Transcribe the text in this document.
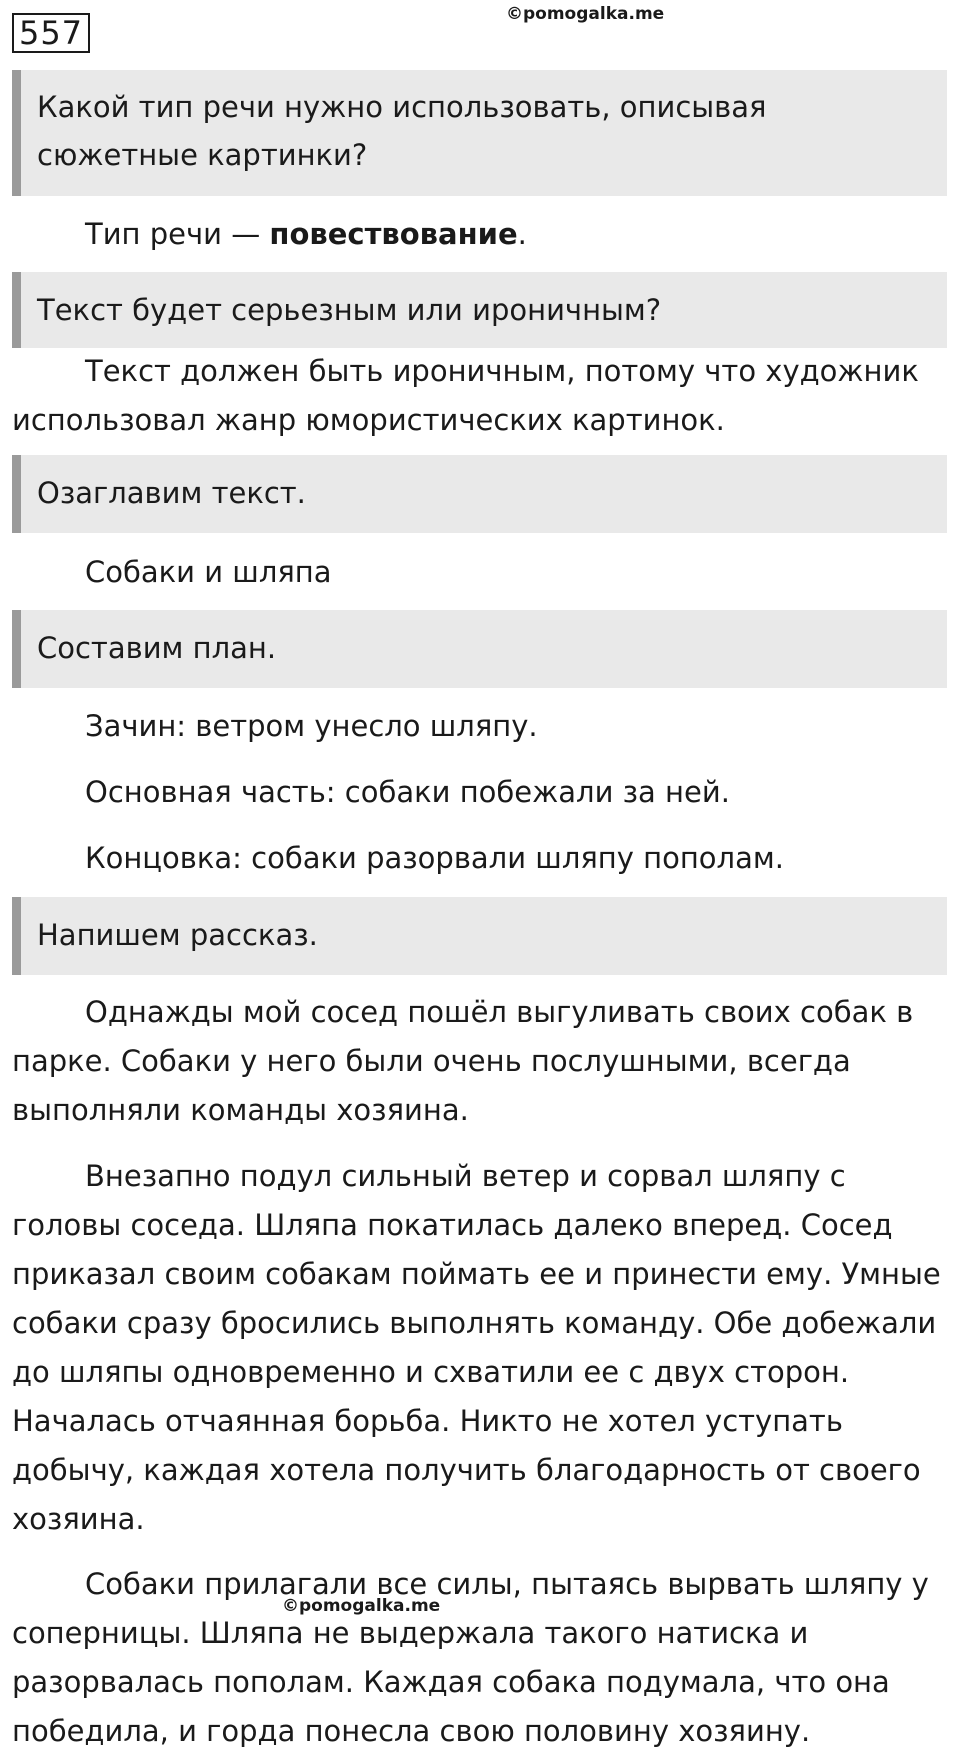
557	©pomogalka.me
Какой тип речи нужно использовать, описывая сюжетные картинки?
Тип речи — повествование.
Текст будет серьезным или ироничным?
Текст должен быть ироничным, потому что художник использовал жанр юмористических картинок.
Озаглавим текст.
Собаки и шляпа
Составим план.
Зачин: ветром унесло шляпу.
Основная часть: собаки побежали за ней.
Концовка: собаки разорвали шляпу пополам.
Напишем рассказ.
Однажды мой сосед пошёл выгуливать своих собак в парке. Собаки у него были очень послушными, всегда выполняли команды хозяина.
Внезапно подул сильный ветер и сорвал шляпу с головы соседа. Шляпа покатилась далеко вперед. Сосед приказал своим собакам поймать ее и принести ему. Умные собаки сразу бросились выполнять команду. Обе добежали до шляпы одновременно и схватили ее с двух сторон. Началась отчаянная борьба. Никто не хотел уступать добычу, каждая хотела получить благодарность от своего хозяина.
Собаки прилагали все силы, пытаясь вырвать шляпу у соперницы. Шляпа не выдержала такого натиска и разорвалась пополам. Каждая собака подумала, что она победила, и горда понесла свою половину хозяину.
©pomogalka.me
